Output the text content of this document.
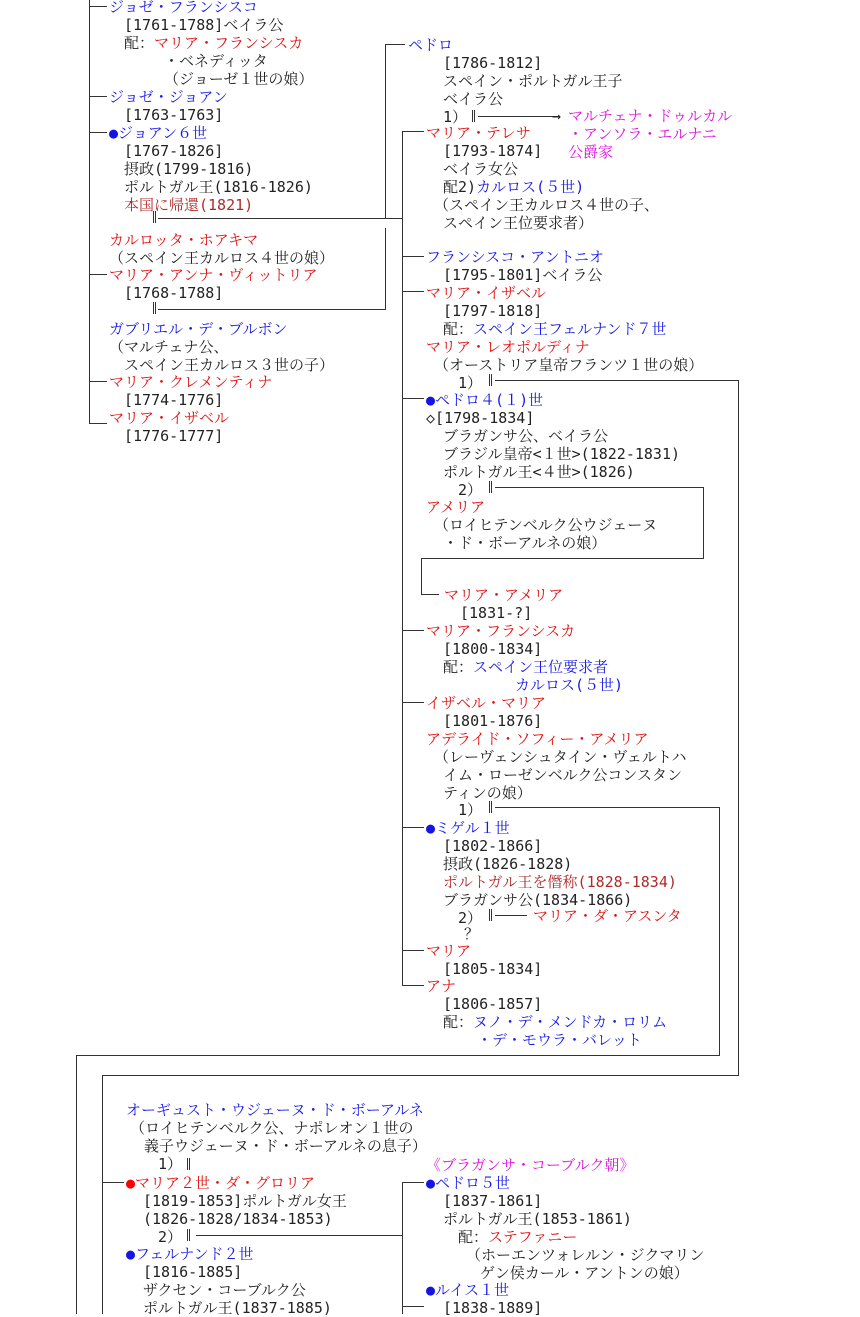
ジョゼ・フランシスコ
[1761-1788]ベイラ公
配：マリア・フランシスカ
・ベネディッタ
（ジョーゼ１世の娘）
ジョゼ・ジョアン
[1763-1763]
●ジョアン６世
[1767-1826]
摂政(1799-1816)
ポルトガル王(1816-1826)
本国に帰還(1821)
カルロッタ・ホアキマ
（スペイン王カルロス４世の娘）
マリア・アンナ・ヴィットリア
[1768-1788]
ガブリエル・デ・ブルボン
（マルチェナ公、
スペイン王カルロス３世の子）
マリア・クレメンティナ
[1774-1776]
マリア・イザベル
[1776-1777]
ペドロ
[1786-1812]
スペイン・ポルトガル王子
ベイラ公
1）	→ マルチェナ・ドゥルカル
・アンソラ・エルナニ
公爵家
マリア・テレサ
[1793-1874]
ベイラ女公
配2)カルロス(５世)
（スペイン王カルロス４世の子、
スペイン王位要求者）
フランシスコ・アントニオ
[1795-1801]ベイラ公
マリア・イザベル
[1797-1818]
配：スペイン王フェルナンド７世
マリア・レオポルディナ
（オーストリア皇帝フランツ１世の娘）
1）
●ペドロ４(１)世
◇[1798-1834]
ブラガンサ公、ベイラ公
ブラジル皇帝<１世>(1822-1831)
ポルトガル王<４世>(1826)
2）
アメリア
（ロイヒテンベルク公ウジェーヌ
・ド・ボーアルネの娘）
マリア・アメリア
[1831-?]
マリア・フランシスカ
[1800-1834]
配：スペイン王位要求者
カルロス(５世)
イザベル・マリア
[1801-1876]
アデライド・ソフィー・アメリア
（レーヴェンシュタイン・ヴェルトハ
イム・ローゼンベルク公コンスタン
ティンの娘）
1）
●ミゲル１世
[1802-1866]
摂政(1826-1828)
ポルトガル王を僭称(1828-1834)
ブラガンサ公(1834-1866)
2）	マリア・ダ・アスンタ
？
マリア
[1805-1834]
アナ
[1806-1857]
配：ヌノ・デ・メンドカ・ロリム
・デ・モウラ・バレット
オーギュスト・ウジェーヌ・ド・ボーアルネ
（ロイヒテンベルク公、ナポレオン１世の
義子ウジェーヌ・ド・ボーアルネの息子）
1）
●マリア２世・ダ・グロリア
[1819-1853]ポルトガル女王
(1826-1828/1834-1853)
2）
●フェルナンド２世
[1816-1885]
ザクセン・コーブルク公
ポルトガル王(1837-1885)
《ブラガンサ・コーブルク朝》
●ペドロ５世
[1837-1861]
ポルトガル王(1853-1861)
配：ステファニー
（ホーエンツォレルン・ジクマリン
ゲン侯カール・アントンの娘）
●ルイス１世
[1838-1889]
